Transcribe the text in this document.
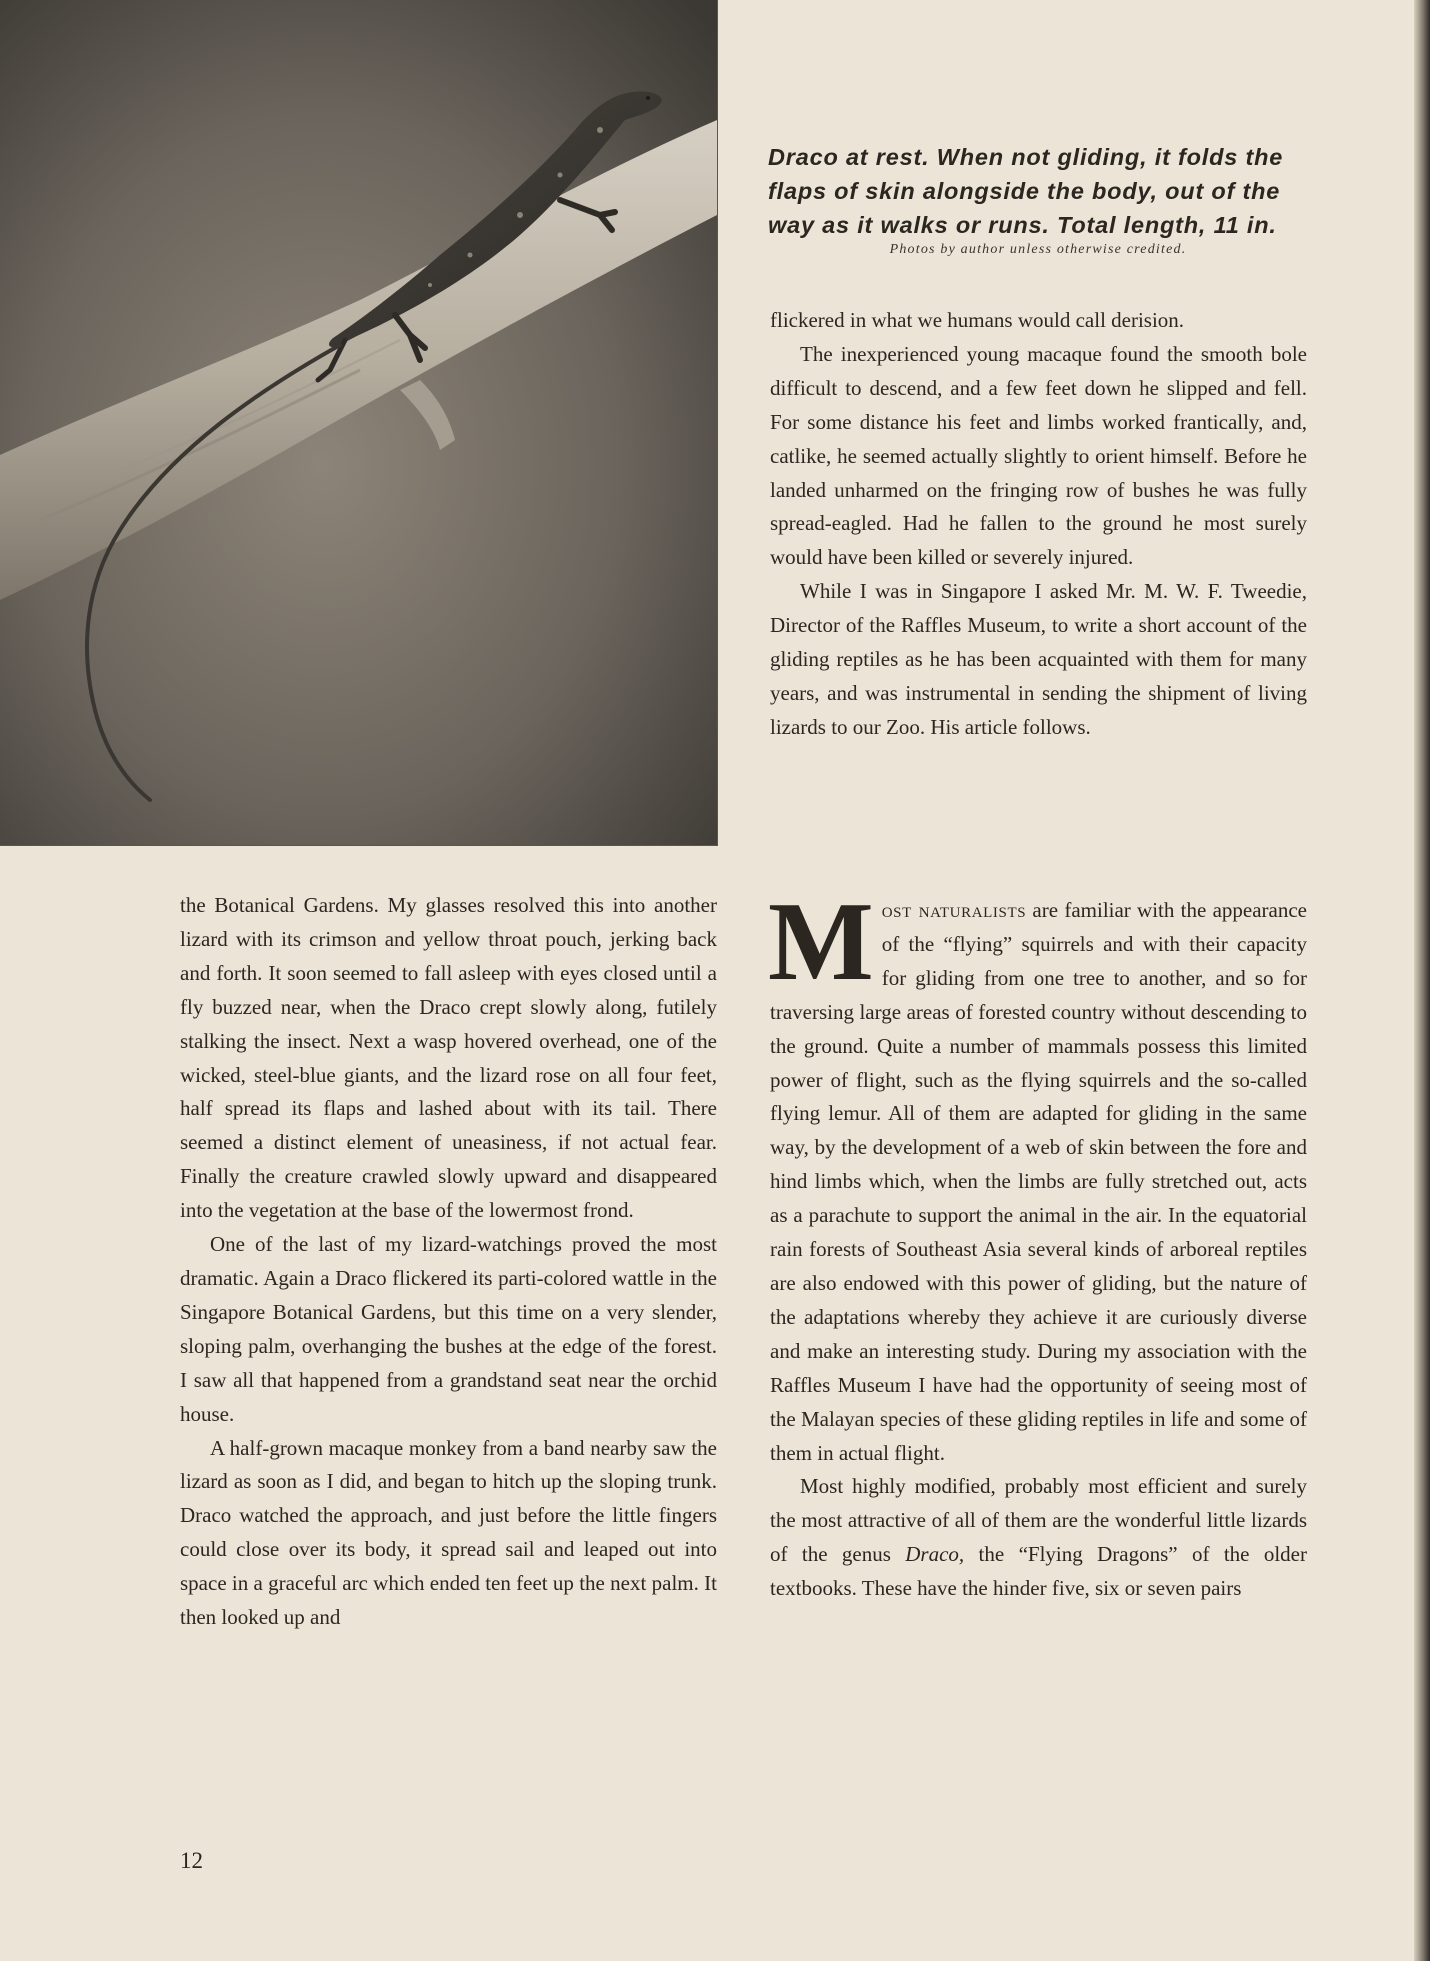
Draco at rest. When not gliding, it folds the
flaps of skin alongside the body, out of the
way as it walks or runs. Total length, 11 in.
Photos by author unless otherwise credited.

flickered in what we humans would call derision.

The inexperienced young macaque found the smooth bole difficult to descend, and a few feet down he slipped and fell. For some distance his feet and limbs worked frantically, and, catlike, he seemed actually slightly to orient himself. Before he landed unharmed on the fringing row of bushes he was fully spread-eagled. Had he fallen to the ground he most surely would have been killed or severely injured.

While I was in Singapore I asked Mr. M. W. F. Tweedie, Director of the Raffles Museum, to write a short account of the gliding reptiles as he has been acquainted with them for many years, and was instrumental in sending the shipment of living lizards to our Zoo. His article follows.

the Botanical Gardens. My glasses resolved this into another lizard with its crimson and yellow throat pouch, jerking back and forth. It soon seemed to fall asleep with eyes closed until a fly buzzed near, when the Draco crept slowly along, futilely stalking the insect. Next a wasp hovered overhead, one of the wicked, steel-blue giants, and the lizard rose on all four feet, half spread its flaps and lashed about with its tail. There seemed a distinct element of uneasiness, if not actual fear. Finally the creature crawled slowly upward and disappeared into the vegetation at the base of the lowermost frond.

One of the last of my lizard-watchings proved the most dramatic. Again a Draco flickered its parti-colored wattle in the Singapore Botanical Gardens, but this time on a very slender, sloping palm, overhanging the bushes at the edge of the forest. I saw all that happened from a grandstand seat near the orchid house.

A half-grown macaque monkey from a band nearby saw the lizard as soon as I did, and began to hitch up the sloping trunk. Draco watched the approach, and just before the little fingers could close over its body, it spread sail and leaped out into space in a graceful arc which ended ten feet up the next palm. It then looked up and

Most naturalists are familiar with the appearance of the “flying” squirrels and with their capacity for gliding from one tree to another, and so for traversing large areas of forested country without descending to the ground. Quite a number of mammals possess this limited power of flight, such as the flying squirrels and the so-called flying lemur. All of them are adapted for gliding in the same way, by the development of a web of skin between the fore and hind limbs which, when the limbs are fully stretched out, acts as a parachute to support the animal in the air. In the equatorial rain forests of Southeast Asia several kinds of arboreal reptiles are also endowed with this power of gliding, but the nature of the adaptations whereby they achieve it are curiously diverse and make an interesting study. During my association with the Raffles Museum I have had the opportunity of seeing most of the Malayan species of these gliding reptiles in life and some of them in actual flight.

Most highly modified, probably most efficient and surely the most attractive of all of them are the wonderful little lizards of the genus Draco, the “Flying Dragons” of the older textbooks. These have the hinder five, six or seven pairs

12
